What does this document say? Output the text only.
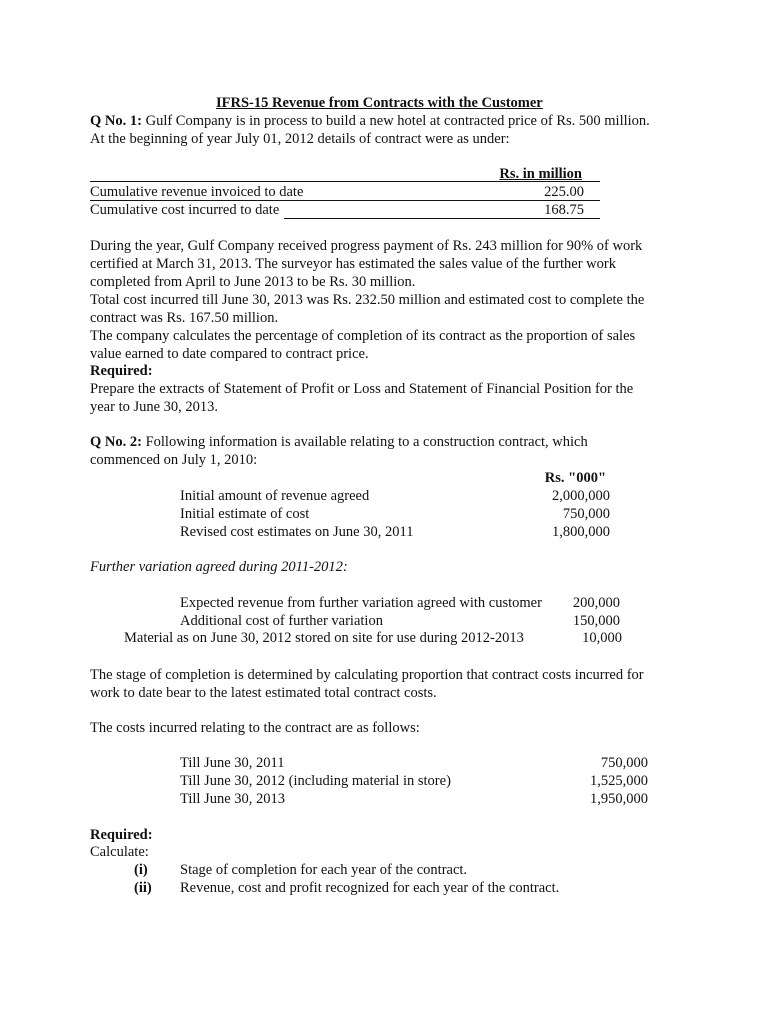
IFRS-15 Revenue from Contracts with the Customer
Q No. 1: Gulf Company is in process to build a new hotel at contracted price of Rs. 500 million.
At the beginning of year July 01, 2012 details of contract were as under:
Rs. in million
Cumulative revenue invoiced to date	225.00
Cumulative cost incurred to date	168.75
During the year, Gulf Company received progress payment of Rs. 243 million for 90% of work
certified at March 31, 2013. The surveyor has estimated the sales value of the further work
completed from April to June 2013 to be Rs. 30 million.
Total cost incurred till June 30, 2013 was Rs. 232.50 million and estimated cost to complete the
contract was Rs. 167.50 million.
The company calculates the percentage of completion of its contract as the proportion of sales
value earned to date compared to contract price.
Required:
Prepare the extracts of Statement of Profit or Loss and Statement of Financial Position for the
year to June 30, 2013.
Q No. 2: Following information is available relating to a construction contract, which
commenced on July 1, 2010:
Rs. "000"
Initial amount of revenue agreed	2,000,000
Initial estimate of cost	750,000
Revised cost estimates on June 30, 2011	1,800,000
Further variation agreed during 2011-2012:
Expected revenue from further variation agreed with customer	200,000
Additional cost of further variation	150,000
Material as on June 30, 2012 stored on site for use during 2012-2013	10,000
The stage of completion is determined by calculating proportion that contract costs incurred for
work to date bear to the latest estimated total contract costs.
The costs incurred relating to the contract are as follows:
Till June 30, 2011	750,000
Till June 30, 2012 (including material in store)	1,525,000
Till June 30, 2013	1,950,000
Required:
Calculate:
(i) Stage of completion for each year of the contract.
(ii) Revenue, cost and profit recognized for each year of the contract.
